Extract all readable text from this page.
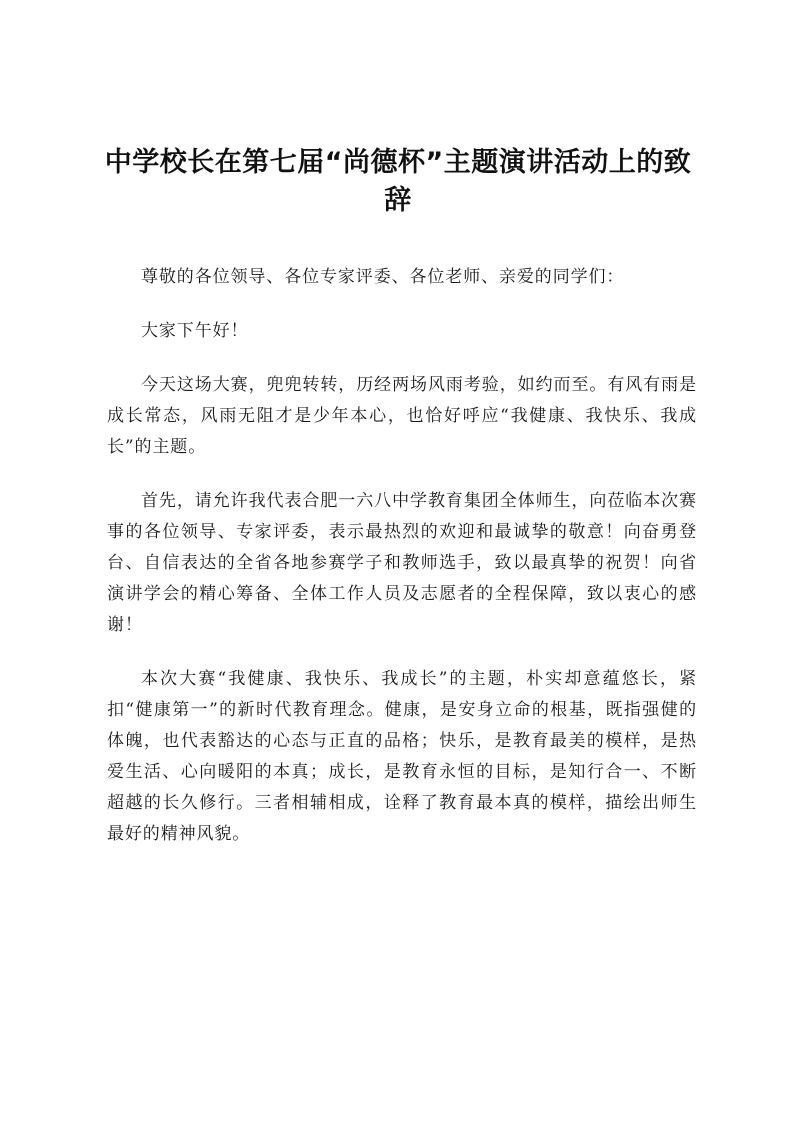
中学校长在第七届“尚德杯”主题演讲活动上的致辞

尊敬的各位领导、各位专家评委、各位老师、亲爱的同学们：

大家下午好！

今天这场大赛，兜兜转转，历经两场风雨考验，如约而至。有风有雨是成长常态，风雨无阻才是少年本心，也恰好呼应“我健康、我快乐、我成长”的主题。

首先，请允许我代表合肥一六八中学教育集团全体师生，向莅临本次赛事的各位领导、专家评委，表示最热烈的欢迎和最诚挚的敬意！向奋勇登台、自信表达的全省各地参赛学子和教师选手，致以最真挚的祝贺！向省演讲学会的精心筹备、全体工作人员及志愿者的全程保障，致以衷心的感谢！

本次大赛“我健康、我快乐、我成长”的主题，朴实却意蕴悠长，紧扣“健康第一”的新时代教育理念。健康，是安身立命的根基，既指强健的体魄，也代表豁达的心态与正直的品格；快乐，是教育最美的模样，是热爱生活、心向暖阳的本真；成长，是教育永恒的目标，是知行合一、不断超越的长久修行。三者相辅相成，诠释了教育最本真的模样，描绘出师生最好的精神风貌。
